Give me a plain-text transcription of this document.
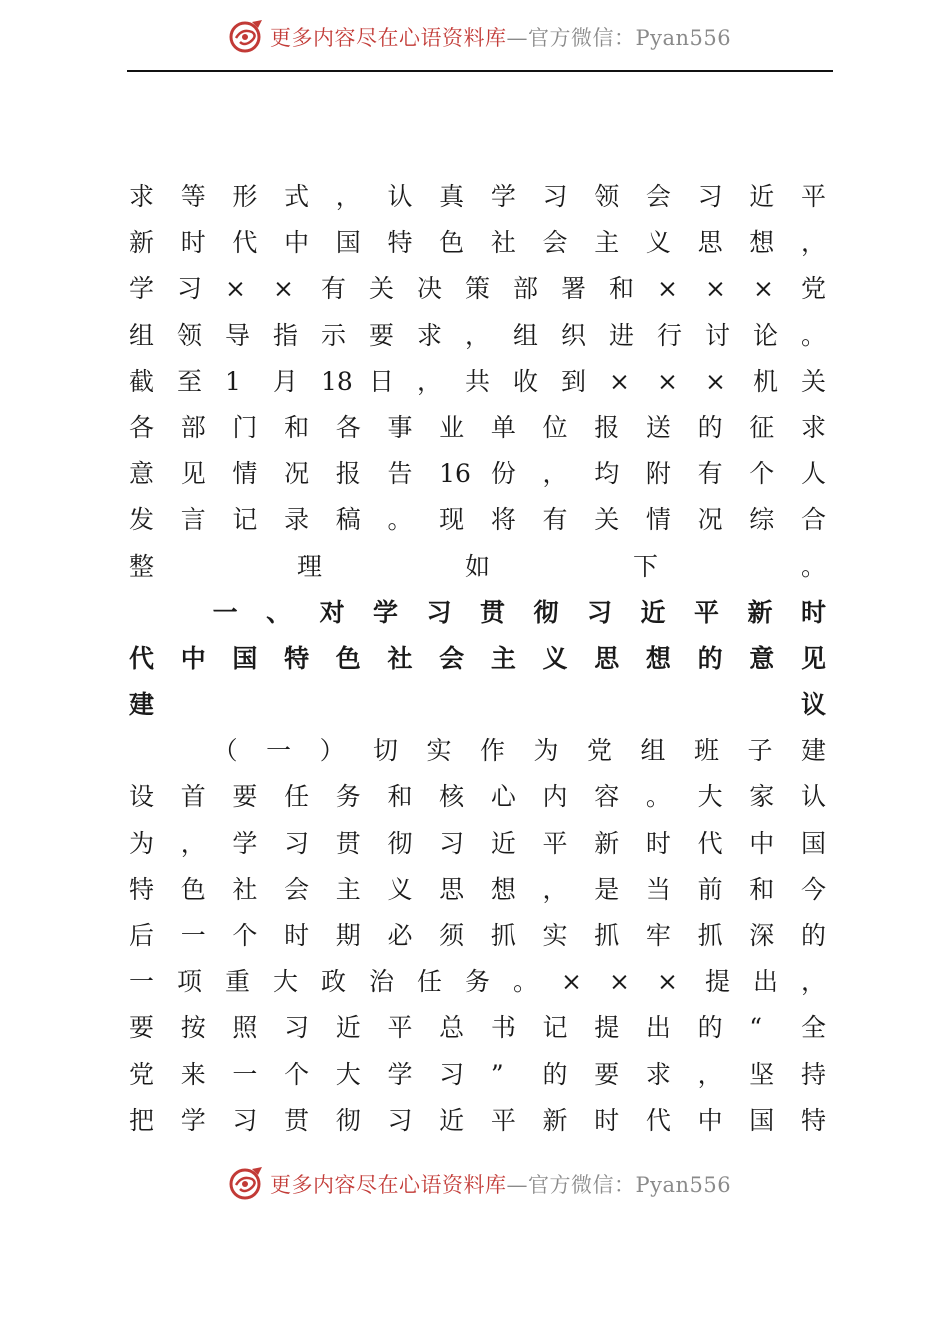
更多内容尽在心语资料库—官方微信：Pyan556
求 等 形 式 ， 认 真 学 习 领 会 习 近 平
新 时 代 中 国 特 色 社 会 主 义 思 想 ，
学 习 × × 有 关 决 策 部 署 和 × × × 党
组 领 导 指 示 要 求 ， 组 织 进 行 讨 论 。
截 至 1 月 18 日 ， 共 收 到 × × × 机 关
各 部 门 和 各 事 业 单 位 报 送 的 征 求
意 见 情 况 报 告 16 份 ， 均 附 有 个 人
发 言 记 录 稿 。 现 将 有 关 情 况 综 合
整	理	如	下	。
一 、 对 学 习 贯 彻 习 近 平 新 时
代 中 国 特 色 社 会 主 义 思 想 的 意 见
建	议
（ 一 ） 切 实 作 为 党 组 班 子 建
设 首 要 任 务 和 核 心 内 容 。 大 家 认
为 ， 学 习 贯 彻 习 近 平 新 时 代 中 国
特 色 社 会 主 义 思 想 ， 是 当 前 和 今
后 一 个 时 期 必 须 抓 实 抓 牢 抓 深 的
一 项 重 大 政 治 任 务 。 × × × 提 出 ，
要 按 照 习 近 平 总 书 记 提 出 的 “ 全
党 来 一 个 大 学 习 ” 的 要 求 ， 坚 持
把 学 习 贯 彻 习 近 平 新 时 代 中 国 特
更多内容尽在心语资料库—官方微信：Pyan556
